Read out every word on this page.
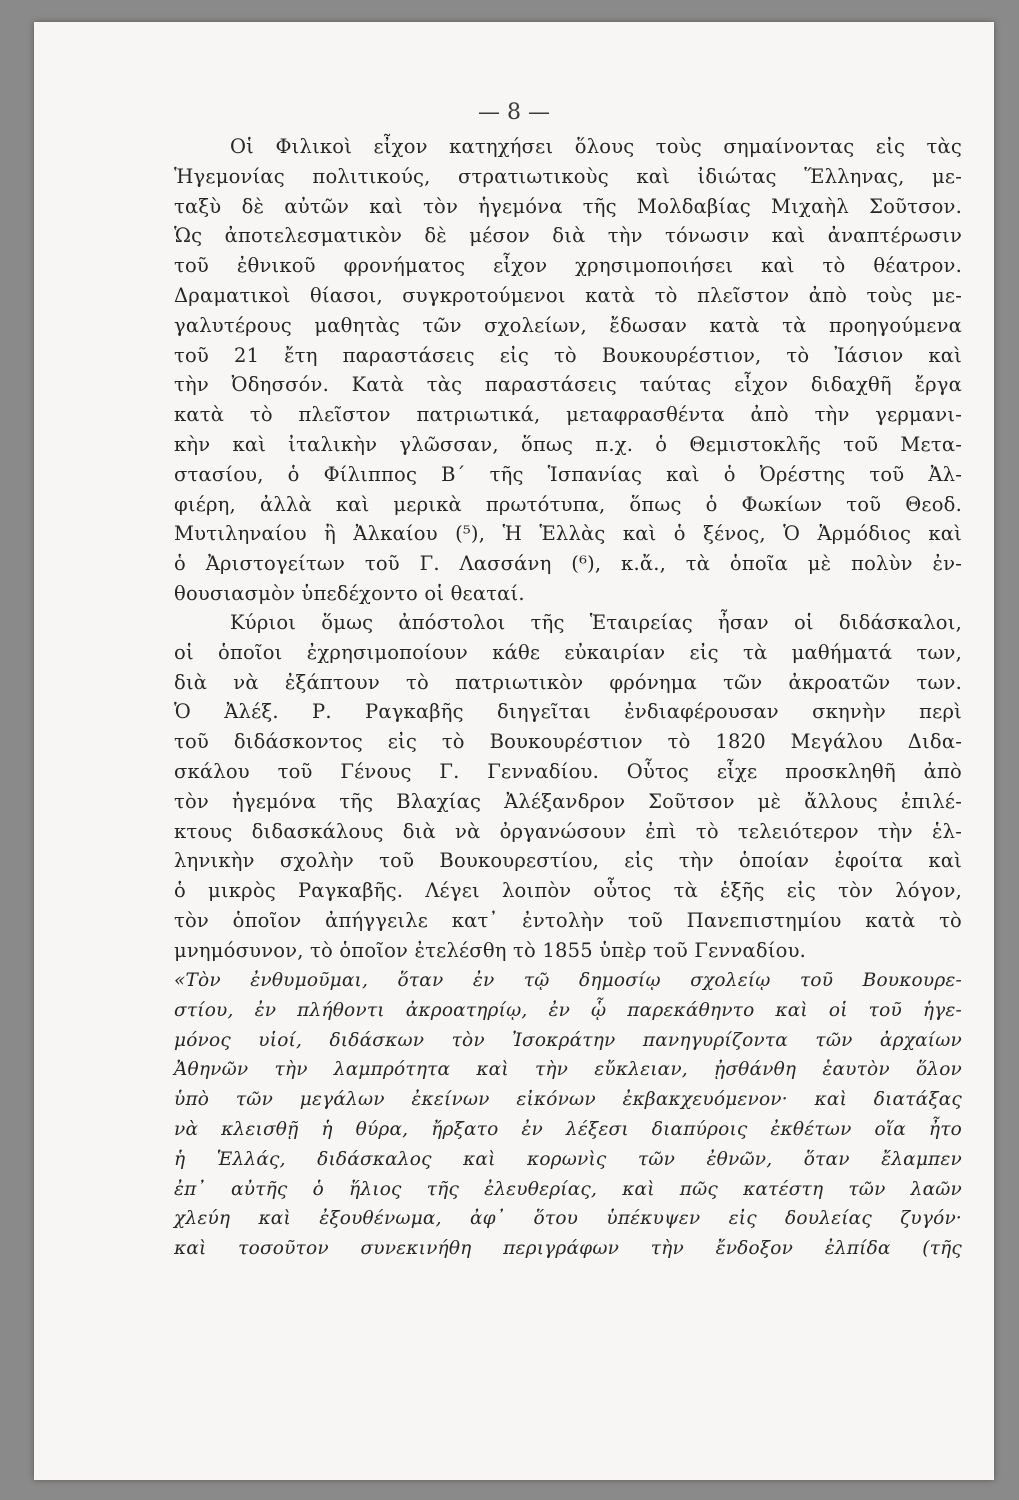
— 8 —
Οἱ Φιλικοὶ εἶχον κατηχήσει ὅλους τοὺς σημαίνοντας εἰς τὰς
Ἡγεμονίας πολιτικούς, στρατιωτικοὺς καὶ ἰδιώτας Ἕλληνας, με-
ταξὺ δὲ αὐτῶν καὶ τὸν ἡγεμόνα τῆς Μολδαβίας Μιχαὴλ Σοῦτσον.
Ὡς ἀποτελεσματικὸν δὲ μέσον διὰ τὴν τόνωσιν καὶ ἀναπτέρωσιν
τοῦ ἐθνικοῦ φρονήματος εἶχον χρησιμοποιήσει καὶ τὸ θέατρον.
Δραματικοὶ θίασοι, συγκροτούμενοι κατὰ τὸ πλεῖστον ἀπὸ τοὺς με-
γαλυτέρους μαθητὰς τῶν σχολείων, ἔδωσαν κατὰ τὰ προηγούμενα
τοῦ 21 ἔτη παραστάσεις εἰς τὸ Βουκουρέστιον, τὸ Ἰάσιον καὶ
τὴν Ὀδησσόν. Κατὰ τὰς παραστάσεις ταύτας εἶχον διδαχθῆ ἔργα
κατὰ τὸ πλεῖστον πατριωτικά, μεταφρασθέντα ἀπὸ τὴν γερμανι-
κὴν καὶ ἰταλικὴν γλῶσσαν, ὅπως π.χ. ὁ Θεμιστοκλῆς τοῦ Μετα-
στασίου, ὁ Φίλιππος Β΄ τῆς Ἱσπανίας καὶ ὁ Ὀρέστης τοῦ Ἀλ-
φιέρη, ἀλλὰ καὶ μερικὰ πρωτότυπα, ὅπως ὁ Φωκίων τοῦ Θεοδ.
Μυτιληναίου ἢ Ἀλκαίου (⁵), Ἡ Ἑλλὰς καὶ ὁ ξένος, Ὁ Ἁρμόδιος καὶ
ὁ Ἀριστογείτων τοῦ Γ. Λασσάνη (⁶), κ.ἄ., τὰ ὁποῖα μὲ πολὺν ἐν-
θουσιασμὸν ὑπεδέχοντο οἱ θεαταί.
Κύριοι ὅμως ἀπόστολοι τῆς Ἑταιρείας ἦσαν οἱ διδάσκαλοι,
οἱ ὁποῖοι ἐχρησιμοποίουν κάθε εὐκαιρίαν εἰς τὰ μαθήματά των,
διὰ νὰ ἐξάπτουν τὸ πατριωτικὸν φρόνημα τῶν ἀκροατῶν των.
Ὁ Ἀλέξ. Ρ. Ραγκαβῆς διηγεῖται ἐνδιαφέρουσαν σκηνὴν περὶ
τοῦ διδάσκοντος εἰς τὸ Βουκουρέστιον τὸ 1820 Μεγάλου Διδα-
σκάλου τοῦ Γένους Γ. Γενναδίου. Οὗτος εἶχε προσκληθῆ ἀπὸ
τὸν ἡγεμόνα τῆς Βλαχίας Ἀλέξανδρον Σοῦτσον μὲ ἄλλους ἐπιλέ-
κτους διδασκάλους διὰ νὰ ὀργανώσουν ἐπὶ τὸ τελειότερον τὴν ἑλ-
ληνικὴν σχολὴν τοῦ Βουκουρεστίου, εἰς τὴν ὁποίαν ἐφοίτα καὶ
ὁ μικρὸς Ραγκαβῆς. Λέγει λοιπὸν οὗτος τὰ ἑξῆς εἰς τὸν λόγον,
τὸν ὁποῖον ἀπήγγειλε κατ᾽ ἐντολὴν τοῦ Πανεπιστημίου κατὰ τὸ
μνημόσυνον, τὸ ὁποῖον ἐτελέσθη τὸ 1855 ὑπὲρ τοῦ Γενναδίου.
«Τὸν ἐνθυμοῦμαι, ὅταν ἐν τῷ δημοσίῳ σχολείῳ τοῦ Βουκουρε-
στίου, ἐν πλήθοντι ἀκροατηρίῳ, ἐν ᾧ παρεκάθηντο καὶ οἱ τοῦ ἡγε-
μόνος υἱοί, διδάσκων τὸν Ἰσοκράτην πανηγυρίζοντα τῶν ἀρχαίων
Ἀθηνῶν τὴν λαμπρότητα καὶ τὴν εὔκλειαν, ᾐσθάνθη ἑαυτὸν ὅλον
ὑπὸ τῶν μεγάλων ἐκείνων εἰκόνων ἐκβακχευόμενον· καὶ διατάξας
νὰ κλεισθῇ ἡ θύρα, ἤρξατο ἐν λέξεσι διαπύροις ἐκθέτων οἵα ἦτο
ἡ Ἑλλάς, διδάσκαλος καὶ κορωνὶς τῶν ἐθνῶν, ὅταν ἔλαμπεν
ἐπ᾽ αὐτῆς ὁ ἥλιος τῆς ἐλευθερίας, καὶ πῶς κατέστη τῶν λαῶν
χλεύη καὶ ἐξουθένωμα, ἀφ᾽ ὅτου ὑπέκυψεν εἰς δουλείας ζυγόν·
καὶ τοσοῦτον συνεκινήθη περιγράφων τὴν ἔνδοξον ἐλπίδα (τῆς
